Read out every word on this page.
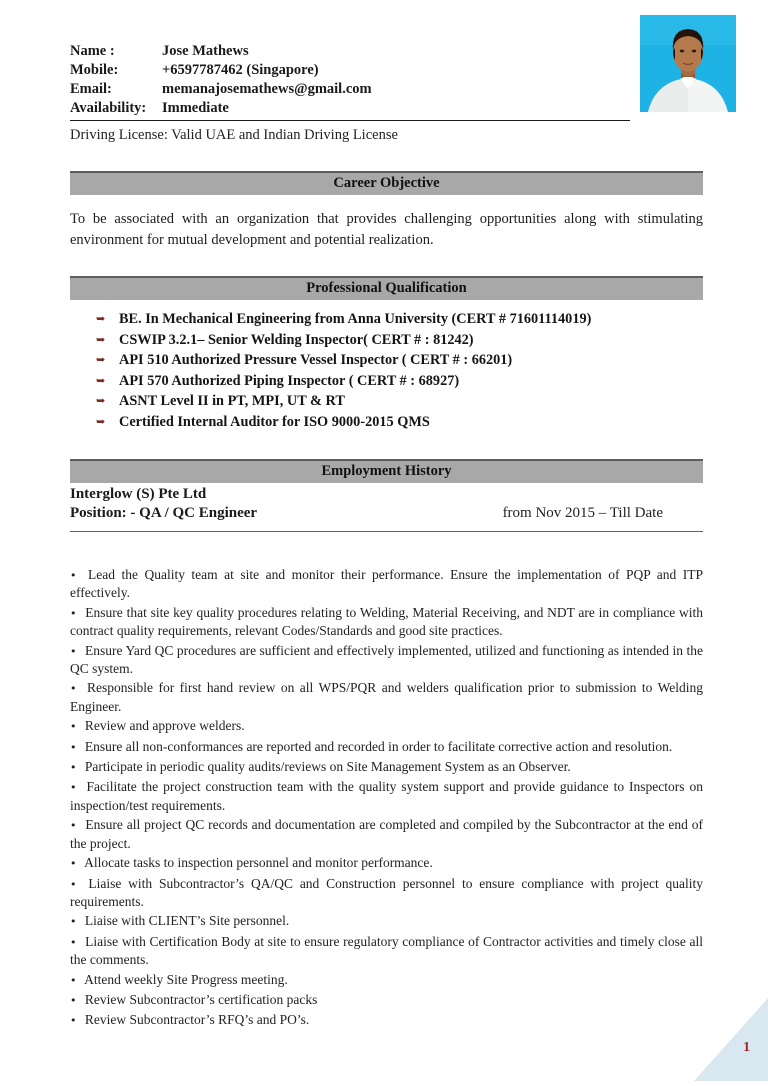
Name :	Jose Mathews
Mobile:	+6597787462 (Singapore)
Email:	memanajosemathews@gmail.com
Availability:	Immediate
Driving License: Valid UAE and Indian Driving License
Career Objective
To be associated with an organization that provides challenging opportunities along with stimulating environment for mutual development and potential realization.
Professional Qualification
➥ BE. In Mechanical Engineering from Anna University (CERT # 71601114019)
➥ CSWIP 3.2.1– Senior Welding Inspector( CERT # : 81242)
➥ API 510 Authorized Pressure Vessel Inspector ( CERT # : 66201)
➥ API 570 Authorized Piping Inspector ( CERT # : 68927)
➥ ASNT Level II in PT, MPI, UT & RT
➥ Certified Internal Auditor for ISO 9000-2015 QMS
Employment History
Interglow (S) Pte Ltd
Position: - QA / QC Engineer	from Nov 2015 – Till Date

• Lead the Quality team at site and monitor their performance. Ensure the implementation of PQP and ITP effectively.

• Ensure that site key quality procedures relating to Welding, Material Receiving, and NDT are in compliance with contract quality requirements, relevant Codes/Standards and good site practices.

• Ensure Yard QC procedures are sufficient and effectively implemented, utilized and functioning as intended in the QC system.

• Responsible for first hand review on all WPS/PQR and welders qualification prior to submission to Welding Engineer.

• Review and approve welders.

• Ensure all non-conformances are reported and recorded in order to facilitate corrective action and resolution.

• Participate in periodic quality audits/reviews on Site Management System as an Observer.

• Facilitate the project construction team with the quality system support and provide guidance to Inspectors on inspection/test requirements.

• Ensure all project QC records and documentation are completed and compiled by the Subcontractor at the end of the project.

• Allocate tasks to inspection personnel and monitor performance.

• Liaise with Subcontractor’s QA/QC and Construction personnel to ensure compliance with project quality requirements.

• Liaise with CLIENT’s Site personnel.

• Liaise with Certification Body at site to ensure regulatory compliance of Contractor activities and timely close all the comments.

• Attend weekly Site Progress meeting.

• Review Subcontractor’s certification packs

• Review Subcontractor’s RFQ’s and PO’s.

1
